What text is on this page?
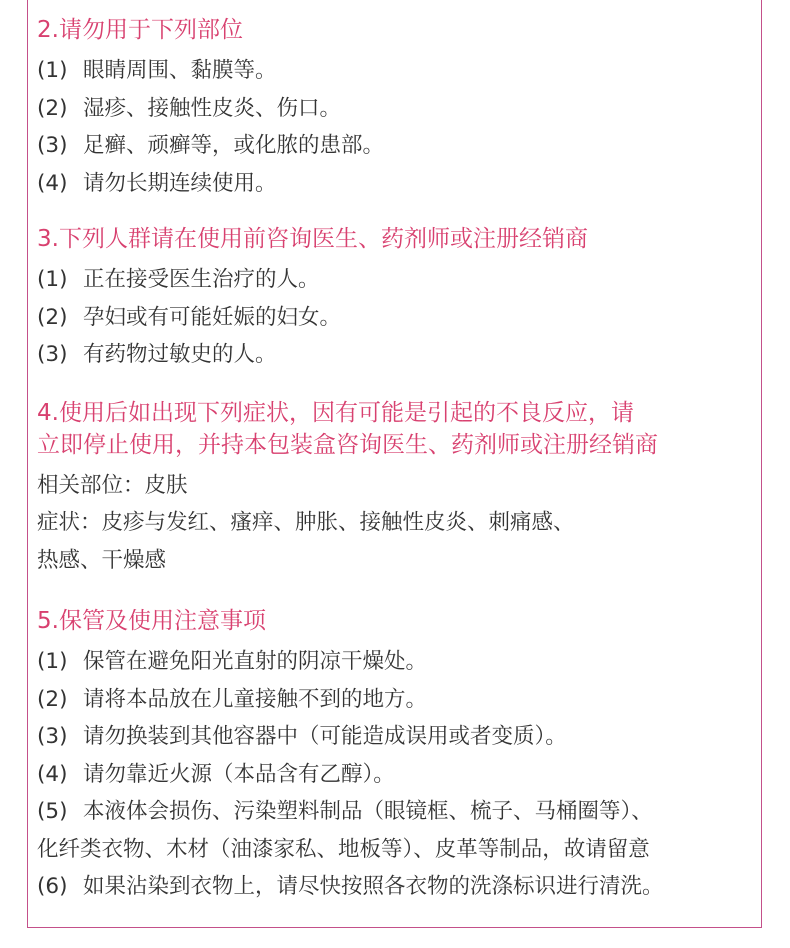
2.请勿用于下列部位

(1) 眼睛周围、黏膜等。

(2) 湿疹、接触性皮炎、伤口。

(3) 足癣、顽癣等，或化脓的患部。

(4) 请勿长期连续使用。

3.下列人群请在使用前咨询医生、药剂师或注册经销商

(1) 正在接受医生治疗的人。

(2) 孕妇或有可能妊娠的妇女。

(3) 有药物过敏史的人。

4.使用后如出现下列症状，因有可能是引起的不良反应，请

立即停止使用，并持本包装盒咨询医生、药剂师或注册经销商

相关部位：皮肤

症状：皮疹与发红、瘙痒、肿胀、接触性皮炎、刺痛感、

热感、干燥感

5.保管及使用注意事项

(1) 保管在避免阳光直射的阴凉干燥处。

(2) 请将本品放在儿童接触不到的地方。

(3) 请勿换装到其他容器中（可能造成误用或者变质）。

(4) 请勿靠近火源（本品含有乙醇）。

(5) 本液体会损伤、污染塑料制品（眼镜框、梳子、马桶圈等）、

化纤类衣物、木材（油漆家私、地板等）、皮革等制品，故请留意

(6) 如果沾染到衣物上，请尽快按照各衣物的洗涤标识进行清洗。
